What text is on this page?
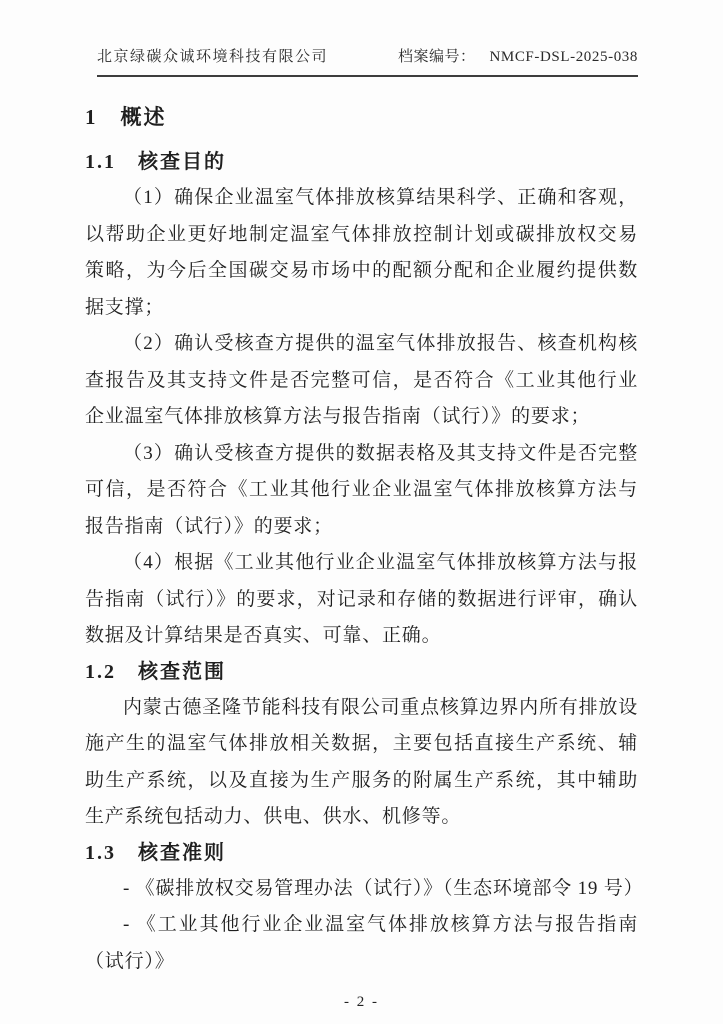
北京绿碳众诚环境科技有限公司	档案编号： NMCF-DSL-2025-038
1　概述
1.1　核查目的

（1）确保企业温室气体排放核算结果科学、正确和客观，以帮助企业更好地制定温室气体排放控制计划或碳排放权交易策略，为今后全国碳交易市场中的配额分配和企业履约提供数据支撑；

（2）确认受核查方提供的温室气体排放报告、核查机构核查报告及其支持文件是否完整可信，是否符合《工业其他行业企业温室气体排放核算方法与报告指南（试行）》的要求；

（3）确认受核查方提供的数据表格及其支持文件是否完整可信，是否符合《工业其他行业企业温室气体排放核算方法与报告指南（试行）》的要求；

（4）根据《工业其他行业企业温室气体排放核算方法与报告指南（试行）》的要求，对记录和存储的数据进行评审，确认数据及计算结果是否真实、可靠、正确。

1.2　核查范围

内蒙古德圣隆节能科技有限公司重点核算边界内所有排放设施产生的温室气体排放相关数据，主要包括直接生产系统、辅助生产系统，以及直接为生产服务的附属生产系统，其中辅助生产系统包括动力、供电、供水、机修等。

1.3　核查准则

- 《碳排放权交易管理办法（试行）》（生态环境部令 19 号）

- 《工业其他行业企业温室气体排放核算方法与报告指南（试行）》

- 2 -
